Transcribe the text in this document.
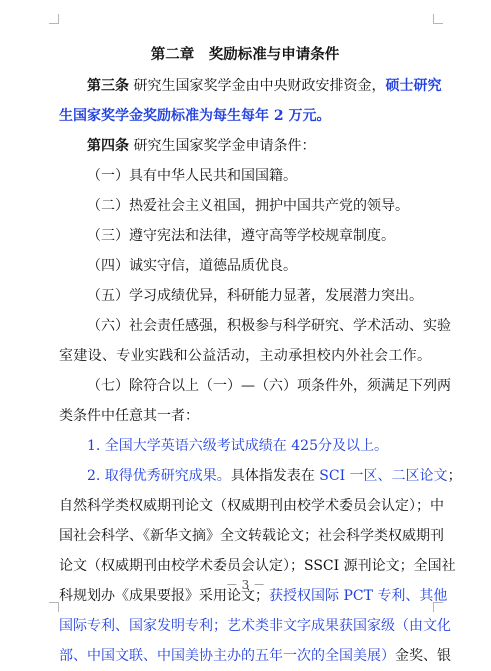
第二章　奖励标准与申请条件
第三条 研究生国家奖学金由中央财政安排资金，硕士研究
生国家奖学金奖励标准为每生每年 2 万元。
第四条 研究生国家奖学金申请条件：
（一）具有中华人民共和国国籍。
（二）热爱社会主义祖国，拥护中国共产党的领导。
（三）遵守宪法和法律，遵守高等学校规章制度。
（四）诚实守信，道德品质优良。
（五）学习成绩优异，科研能力显著，发展潜力突出。
（六）社会责任感强，积极参与科学研究、学术活动、实验
室建设、专业实践和公益活动，主动承担校内外社会工作。
（七）除符合以上（一）—（六）项条件外，须满足下列两
类条件中任意其一者：
1. 全国大学英语六级考试成绩在 425分及以上。
2. 取得优秀研究成果。具体指发表在 SCI 一区、二区论文；
自然科学类权威期刊论文（权威期刊由校学术委员会认定）；中
国社会科学、《新华文摘》全文转载论文；社会科学类权威期刊
论文（权威期刊由校学术委员会认定）；SSCI 源刊论文；全国社
科规划办《成果要报》采用论文；获授权国际 PCT 专利、其他
国际专利、国家发明专利；艺术类非文字成果获国家级（由文化
部、中国文联、中国美协主办的五年一次的全国美展）金奖、银
－ 3 －
